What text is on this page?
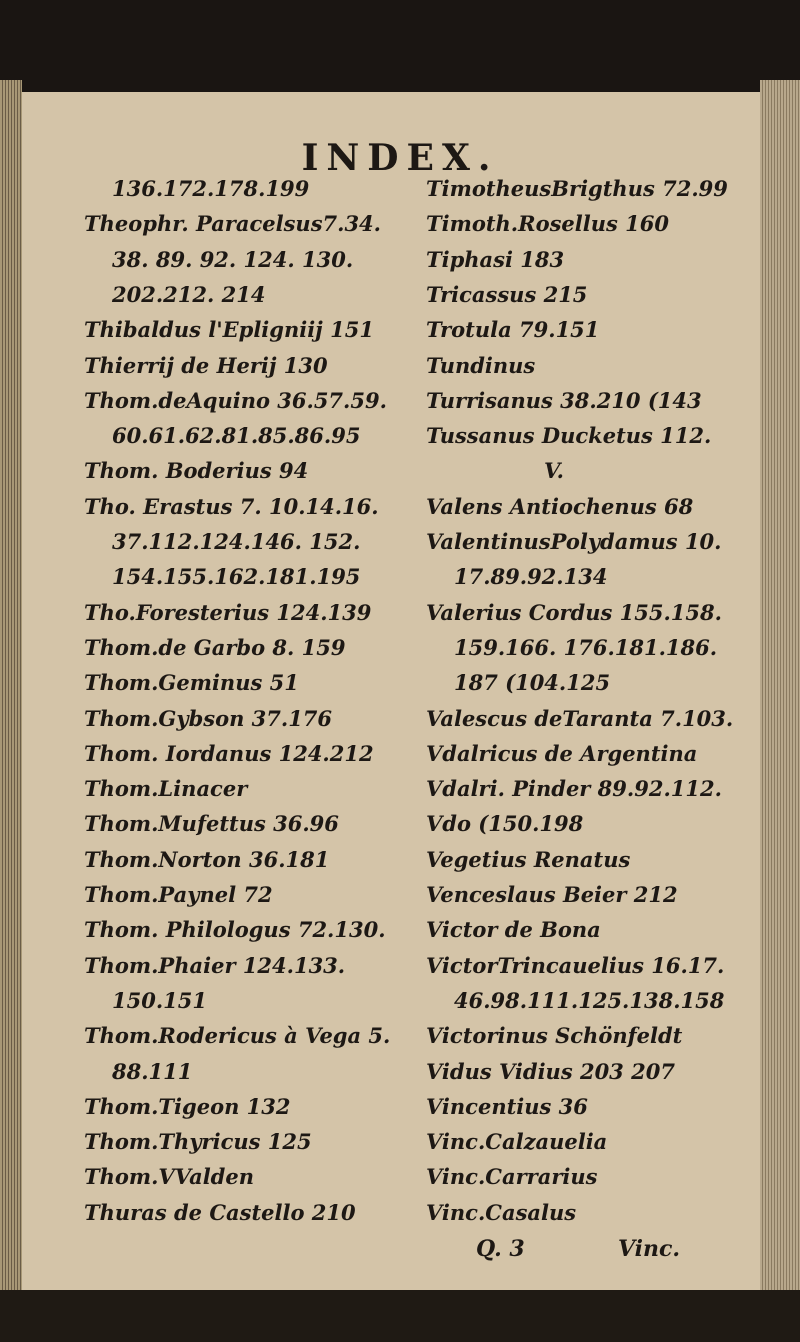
INDEX.
136.172.178.199
Theophr. Paracelsus7.34.
38. 89. 92. 124. 130.
202.212. 214
Thibaldus l'Epligniij 151
Thierrij de Herij 130
Thom.deAquino 36.57.59.
60.61.62.81.85.86.95
Thom. Boderius 94
Tho. Erastus 7. 10.14.16.
37.112.124.146. 152.
154.155.162.181.195
Tho.Foresterius 124.139
Thom.de Garbo 8. 159
Thom.Geminus 51
Thom.Gybson 37.176
Thom. Iordanus 124.212
Thom.Linacer
Thom.Mufettus 36.96
Thom.Norton 36.181
Thom.Paynel 72
Thom. Philologus 72.130.
Thom.Phaier 124.133.
150.151
Thom.Rodericus à Vega 5.
88.111
Thom.Tigeon 132
Thom.Thyricus 125
Thom.VValden
Thuras de Castello 210
TimotheusBrigthus 72.99
Timoth.Rosellus 160
Tiphasi 183
Tricassus 215
Trotula 79.151
Tundinus
Turrisanus 38.210 (143
Tussanus Ducketus 112.
V.
Valens Antiochenus 68
ValentinusPolydamus 10.
17.89.92.134
Valerius Cordus 155.158.
159.166. 176.181.186.
187 (104.125
Valescus deTaranta 7.103.
Vdalricus de Argentina
Vdalri. Pinder 89.92.112.
Vdo (150.198
Vegetius Renatus
Venceslaus Beier 212
Victor de Bona
VictorTrincauelius 16.17.
46.98.111.125.138.158
Victorinus Schönfeldt
Vidus Vidius 203 207
Vincentius 36
Vinc.Calzauelia
Vinc.Carrarius
Vinc.Casalus
Q. 3	Vinc.
